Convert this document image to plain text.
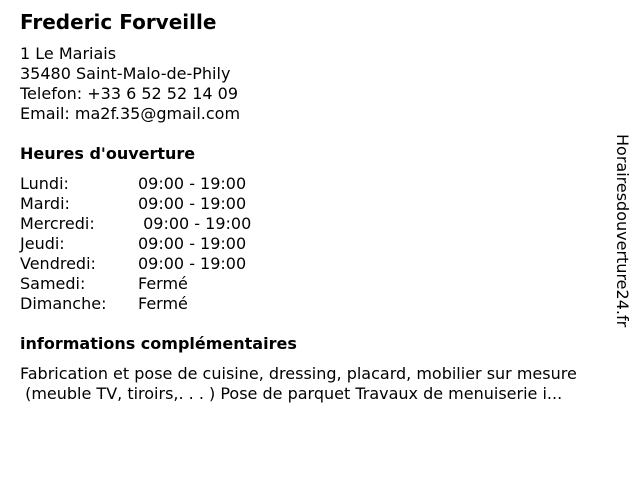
Frederic Forveille
1 Le Mariais
35480 Saint-Malo-de-Phily
Telefon: +33 6 52 52 14 09
Email: ma2f.35@gmail.com
Heures d'ouverture
Lundi:	09:00 - 19:00
Mardi:	09:00 - 19:00
Mercredi:	09:00 - 19:00
Jeudi:	09:00 - 19:00
Vendredi:	09:00 - 19:00
Samedi:	Fermé
Dimanche:	Fermé
informations complémentaires
Fabrication et pose de cuisine, dressing, placard, mobilier sur mesure
(meuble TV, tiroirs,. . . ) Pose de parquet Travaux de menuiserie i...
Horairesdouverture24.fr
